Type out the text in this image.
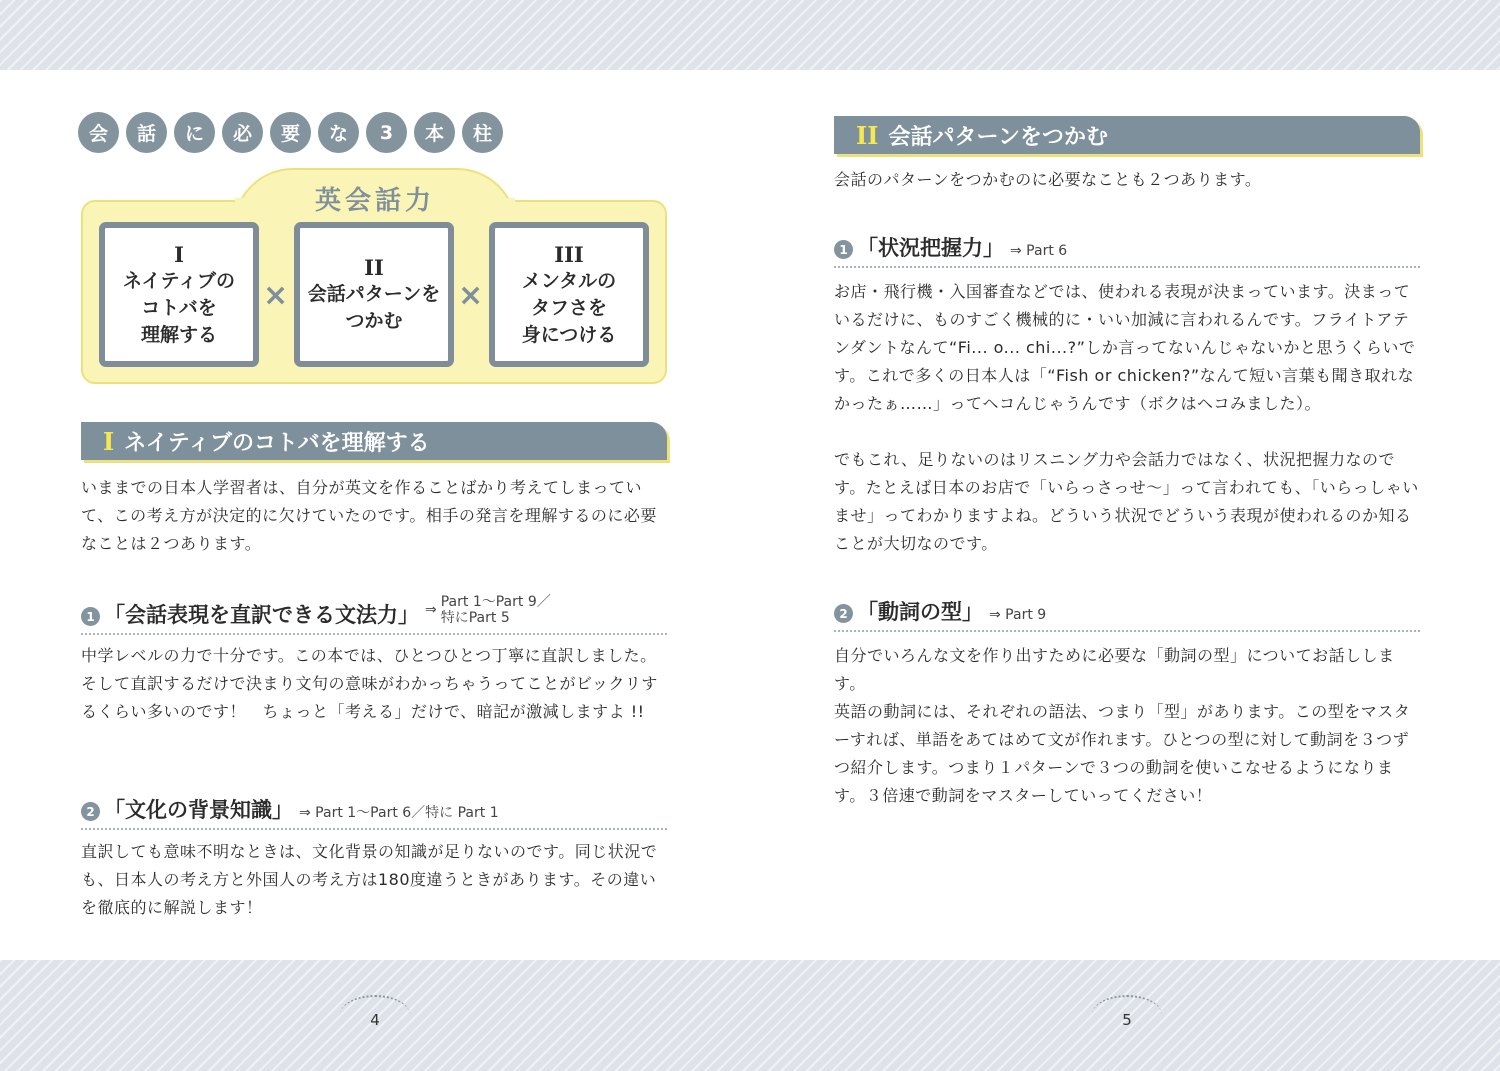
会	話	に	必	要	な	3	本	柱
英会話力
I
ネイティブの
コトバを
理解する
×
II
会話パターンを
つかむ
×
III
メンタルの
タフさを
身につける
I ネイティブのコトバを理解する
いままでの日本人学習者は、自分が英文を作ることばかり考えてしまっていて、この考え方が決定的に欠けていたのです。相手の発言を理解するのに必要なことは２つあります。
1 「会話表現を直訳できる文法力」 ⇒ Part 1～Part 9／
特にPart 5
中学レベルの力で十分です。この本では、ひとつひとつ丁寧に直訳しました。そして直訳するだけで決まり文句の意味がわかっちゃうってことがビックリするくらい多いのです！　ちょっと「考える」だけで、暗記が激減しますよ !!
2 「文化の背景知識」 ⇒ Part 1～Part 6／特に Part 1
直訳しても意味不明なときは、文化背景の知識が足りないのです。同じ状況でも、日本人の考え方と外国人の考え方は180度違うときがあります。その違いを徹底的に解説します！
4
II 会話パターンをつかむ
会話のパターンをつかむのに必要なことも２つあります。
1 「状況把握力」 ⇒ Part 6
お店・飛行機・入国審査などでは、使われる表現が決まっています。決まっているだけに、ものすごく機械的に・いい加減に言われるんです。フライトアテンダントなんて“Fi... o... chi...?”しか言ってないんじゃないかと思うくらいです。これで多くの日本人は「“Fish or chicken?”なんて短い言葉も聞き取れなかったぁ……」ってヘコんじゃうんです（ボクはヘコみました）。
でもこれ、足りないのはリスニング力や会話力ではなく、状況把握力なのです。たとえば日本のお店で「いらっさっせ～」って言われても、「いらっしゃいませ」ってわかりますよね。どういう状況でどういう表現が使われるのか知ることが大切なのです。
2 「動詞の型」 ⇒ Part 9
自分でいろんな文を作り出すために必要な「動詞の型」についてお話しします。
英語の動詞には、それぞれの語法、つまり「型」があります。この型をマスターすれば、単語をあてはめて文が作れます。ひとつの型に対して動詞を３つずつ紹介します。つまり１パターンで３つの動詞を使いこなせるようになります。３倍速で動詞をマスターしていってください！
5
